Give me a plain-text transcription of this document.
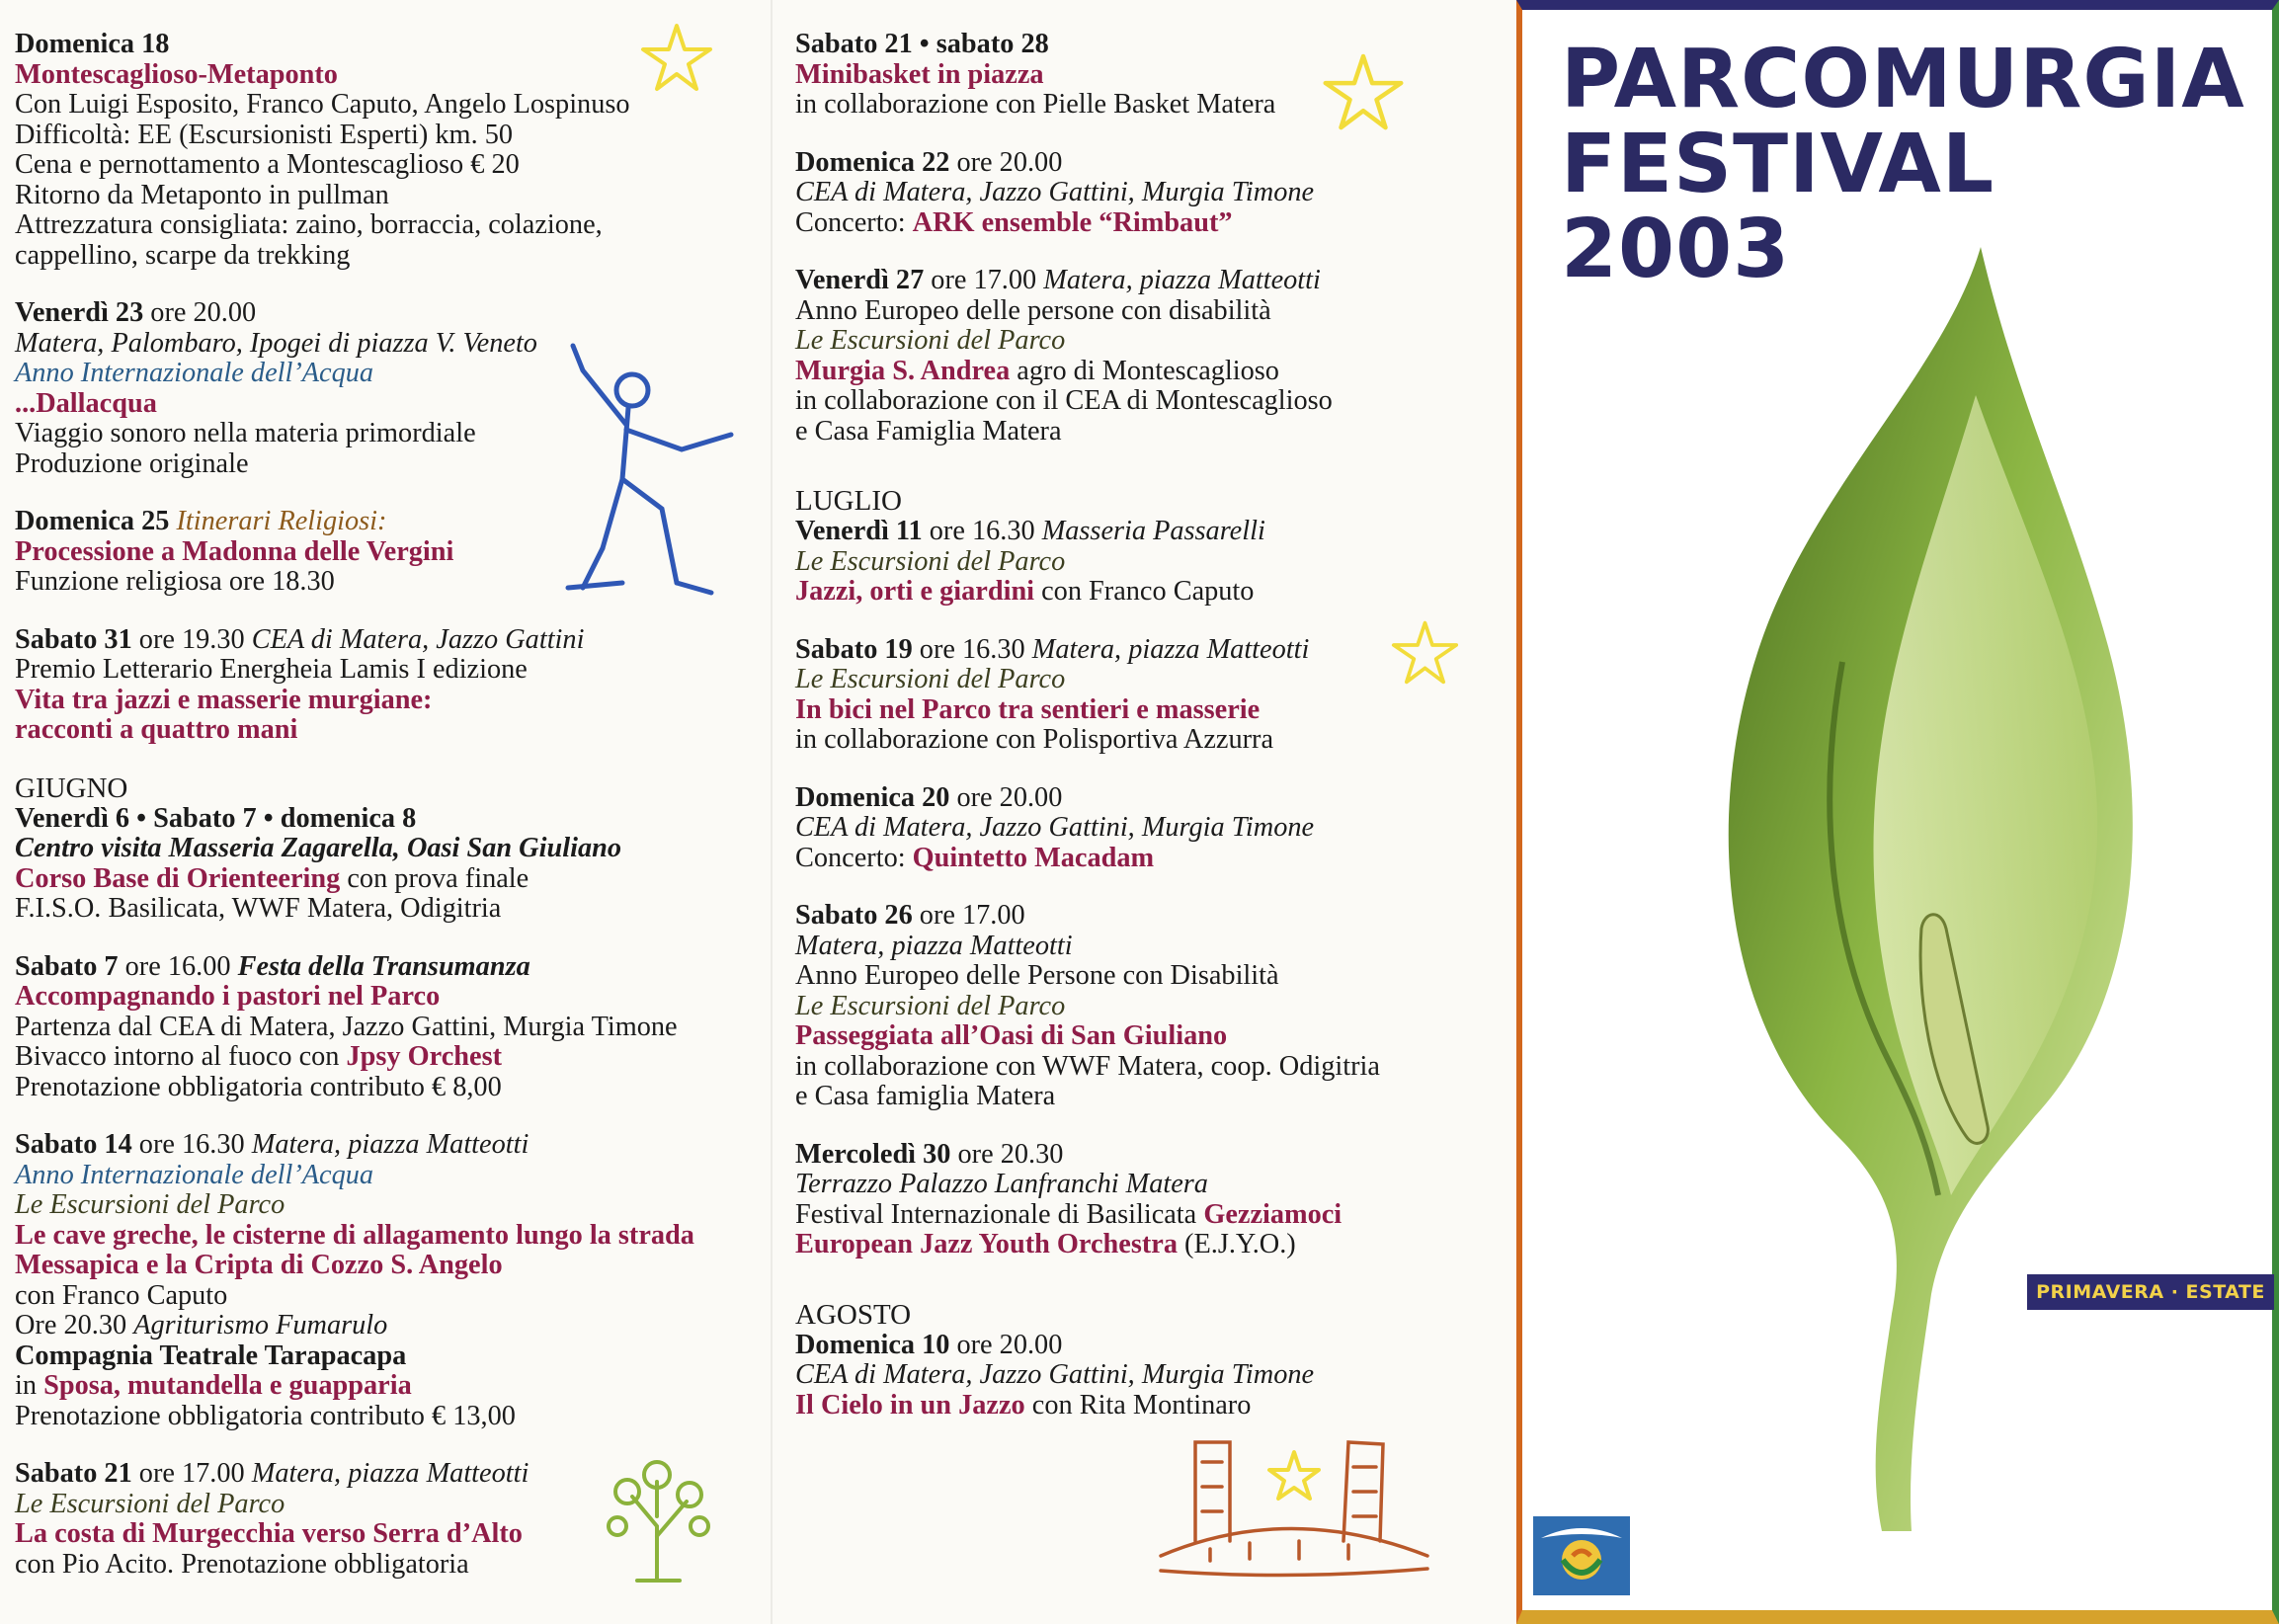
Domenica 18
Montescaglioso-Metaponto
Con Luigi Esposito, Franco Caputo, Angelo Lospinuso
Difficoltà: EE (Escursionisti Esperti) km. 50
Cena e pernottamento a Montescaglioso € 20
Ritorno da Metaponto in pullman
Attrezzatura consigliata: zaino, borraccia, colazione,
cappellino, scarpe da trekking
Venerdì 23 ore 20.00
Matera, Palombaro, Ipogei di piazza V. Veneto
Anno Internazionale dell’Acqua
...Dallacqua
Viaggio sonoro nella materia primordiale
Produzione originale
Domenica 25 Itinerari Religiosi:
Processione a Madonna delle Vergini
Funzione religiosa ore 18.30
Sabato 31 ore 19.30 CEA di Matera, Jazzo Gattini
Premio Letterario Energheia Lamis I edizione
Vita tra jazzi e masserie murgiane:
racconti a quattro mani
GIUGNO
Venerdì 6 • Sabato 7 • domenica 8
Centro visita Masseria Zagarella, Oasi San Giuliano
Corso Base di Orienteering con prova finale
F.I.S.O. Basilicata, WWF Matera, Odigitria
Sabato 7 ore 16.00 Festa della Transumanza
Accompagnando i pastori nel Parco
Partenza dal CEA di Matera, Jazzo Gattini, Murgia Timone
Bivacco intorno al fuoco con Jpsy Orchest
Prenotazione obbligatoria contributo € 8,00
Sabato 14 ore 16.30 Matera, piazza Matteotti
Anno Internazionale dell’Acqua
Le Escursioni del Parco
Le cave greche, le cisterne di allagamento lungo la strada
Messapica e la Cripta di Cozzo S. Angelo
con Franco Caputo
Ore 20.30 Agriturismo Fumarulo
Compagnia Teatrale Tarapacapa
in Sposa, mutandella e guapparia
Prenotazione obbligatoria contributo € 13,00
Sabato 21 ore 17.00 Matera, piazza Matteotti
Le Escursioni del Parco
La costa di Murgecchia verso Serra d’Alto
con Pio Acito. Prenotazione obbligatoria
Sabato 21 • sabato 28
Minibasket in piazza
in collaborazione con Pielle Basket Matera
Domenica 22 ore 20.00
CEA di Matera, Jazzo Gattini, Murgia Timone
Concerto: ARK ensemble “Rimbaut”
Venerdì 27 ore 17.00 Matera, piazza Matteotti
Anno Europeo delle persone con disabilità
Le Escursioni del Parco
Murgia S. Andrea agro di Montescaglioso
in collaborazione con il CEA di Montescaglioso
e Casa Famiglia Matera
LUGLIO
Venerdì 11 ore 16.30 Masseria Passarelli
Le Escursioni del Parco
Jazzi, orti e giardini con Franco Caputo
Sabato 19 ore 16.30 Matera, piazza Matteotti
Le Escursioni del Parco
In bici nel Parco tra sentieri e masserie
in collaborazione con Polisportiva Azzurra
Domenica 20 ore 20.00
CEA di Matera, Jazzo Gattini, Murgia Timone
Concerto: Quintetto Macadam
Sabato 26 ore 17.00
Matera, piazza Matteotti
Anno Europeo delle Persone con Disabilità
Le Escursioni del Parco
Passeggiata all’Oasi di San Giuliano
in collaborazione con WWF Matera, coop. Odigitria
e Casa famiglia Matera
Mercoledì 30 ore 20.30
Terrazzo Palazzo Lanfranchi Matera
Festival Internazionale di Basilicata Gezziamoci
European Jazz Youth Orchestra (E.J.Y.O.)
AGOSTO
Domenica 10 ore 20.00
CEA di Matera, Jazzo Gattini, Murgia Timone
Il Cielo in un Jazzo con Rita Montinaro
PARCOMURGIA
FESTIVAL 2003
PRIMAVERA · ESTATE
